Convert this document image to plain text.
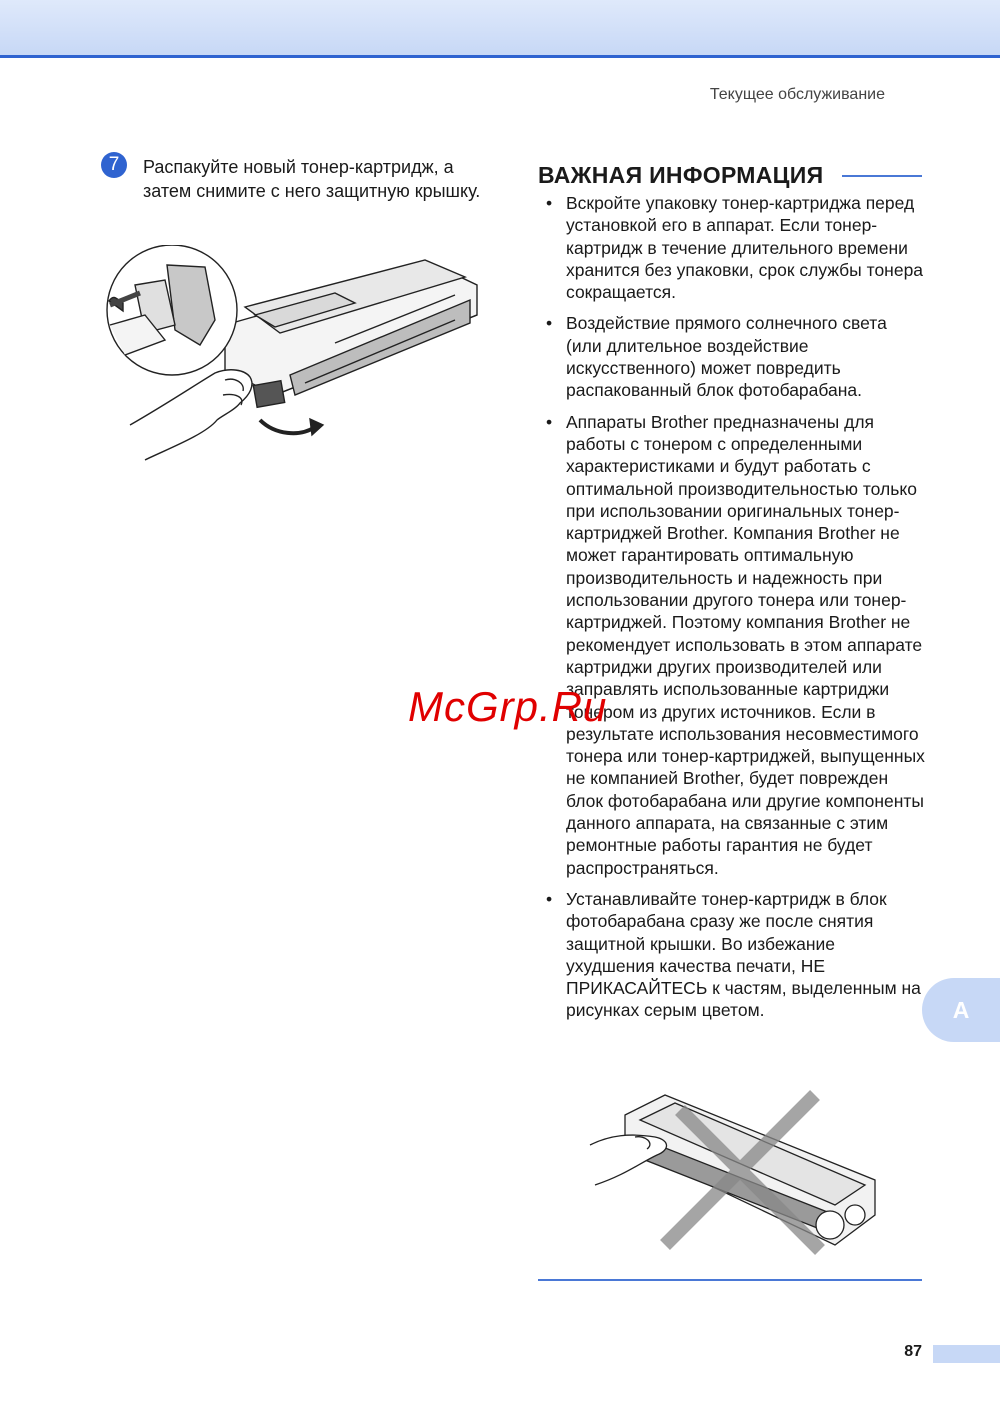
Текущее обслуживание
7	Распакуйте новый тонер-картридж, а затем снимите с него защитную крышку.
ВАЖНАЯ ИНФОРМАЦИЯ
• Вскройте упаковку тонер-картриджа перед установкой его в аппарат. Если тонер-картридж в течение длительного времени хранится без упаковки, срок службы тонера сокращается.
• Воздействие прямого солнечного света (или длительное воздействие искусственного) может повредить распакованный блок фотобарабана.
• Аппараты Brother предназначены для работы с тонером с определенными характеристиками и будут работать с оптимальной производительностью только при использовании оригинальных тонер-картриджей Brother. Компания Brother не может гарантировать оптимальную производительность и надежность при использовании другого тонера или тонер-картриджей. Поэтому компания Brother не рекомендует использовать в этом аппарате картриджи других производителей или заправлять использованные картриджи тонером из других источников. Если в результате использования несовместимого тонера или тонер-картриджей, выпущенных не компанией Brother, будет поврежден блок фотобарабана или другие компоненты данного аппарата, на связанные с этим ремонтные работы гарантия не будет распространяться.
• Устанавливайте тонер-картридж в блок фотобарабана сразу же после снятия защитной крышки. Во избежание ухудшения качества печати, НЕ ПРИКАСАЙТЕСЬ к частям, выделенным на рисунках серым цветом.	A
87
McGrp.Ru
